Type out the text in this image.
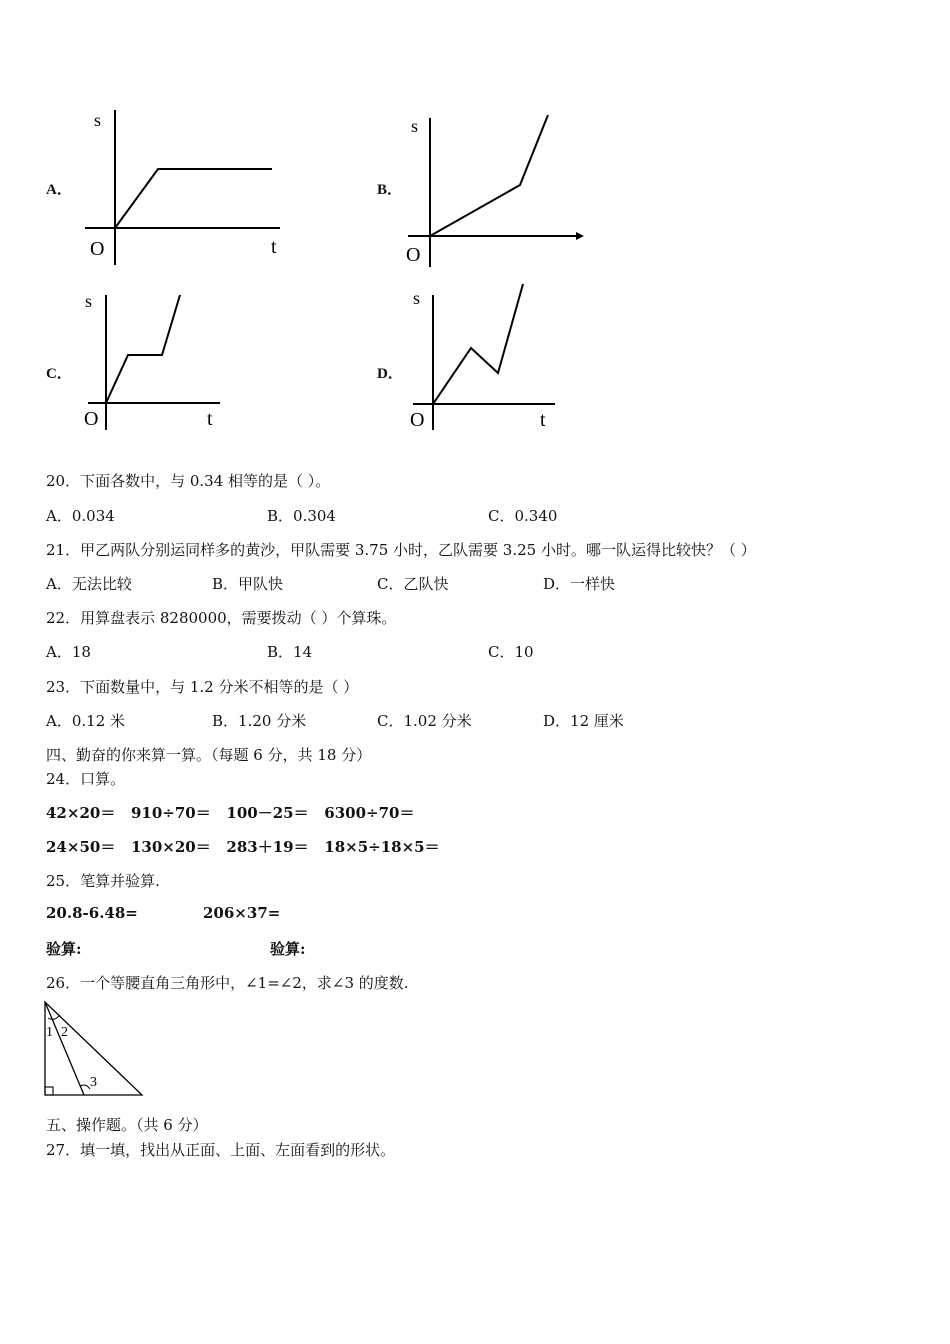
A．
s
O	t
B．
s
O
C．
s
O	t
D．
s
O	t
20．下面各数中，与 0.34 相等的是（ ）。
A．0.034	B．0.304	C．0.340
21．甲乙两队分别运同样多的黄沙，甲队需要 3.75 小时，乙队需要 3.25 小时。哪一队运得比较快？（ ）
A．无法比较	B．甲队快	C．乙队快	D．一样快
22．用算盘表示 8280000，需要拨动（ ）个算珠。
A．18	B．14	C．10
23．下面数量中，与 1.2 分米不相等的是（ ）
A．0.12 米	B．1.20 分米	C．1.02 分米	D．12 厘米
四、勤奋的你来算一算。（每题 6 分，共 18 分）
24．口算。
42×20＝   910÷70＝   100－25＝   6300÷70＝
24×50＝   130×20＝   283＋19＝   18×5÷18×5＝
25．笔算并验算.
20.8-6.48=	206×37=
验算:	验算:
26．一个等腰直角三角形中，∠1=∠2，求∠3 的度数.
1 2
3
五、操作题。（共 6 分）
27．填一填，找出从正面、上面、左面看到的形状。
